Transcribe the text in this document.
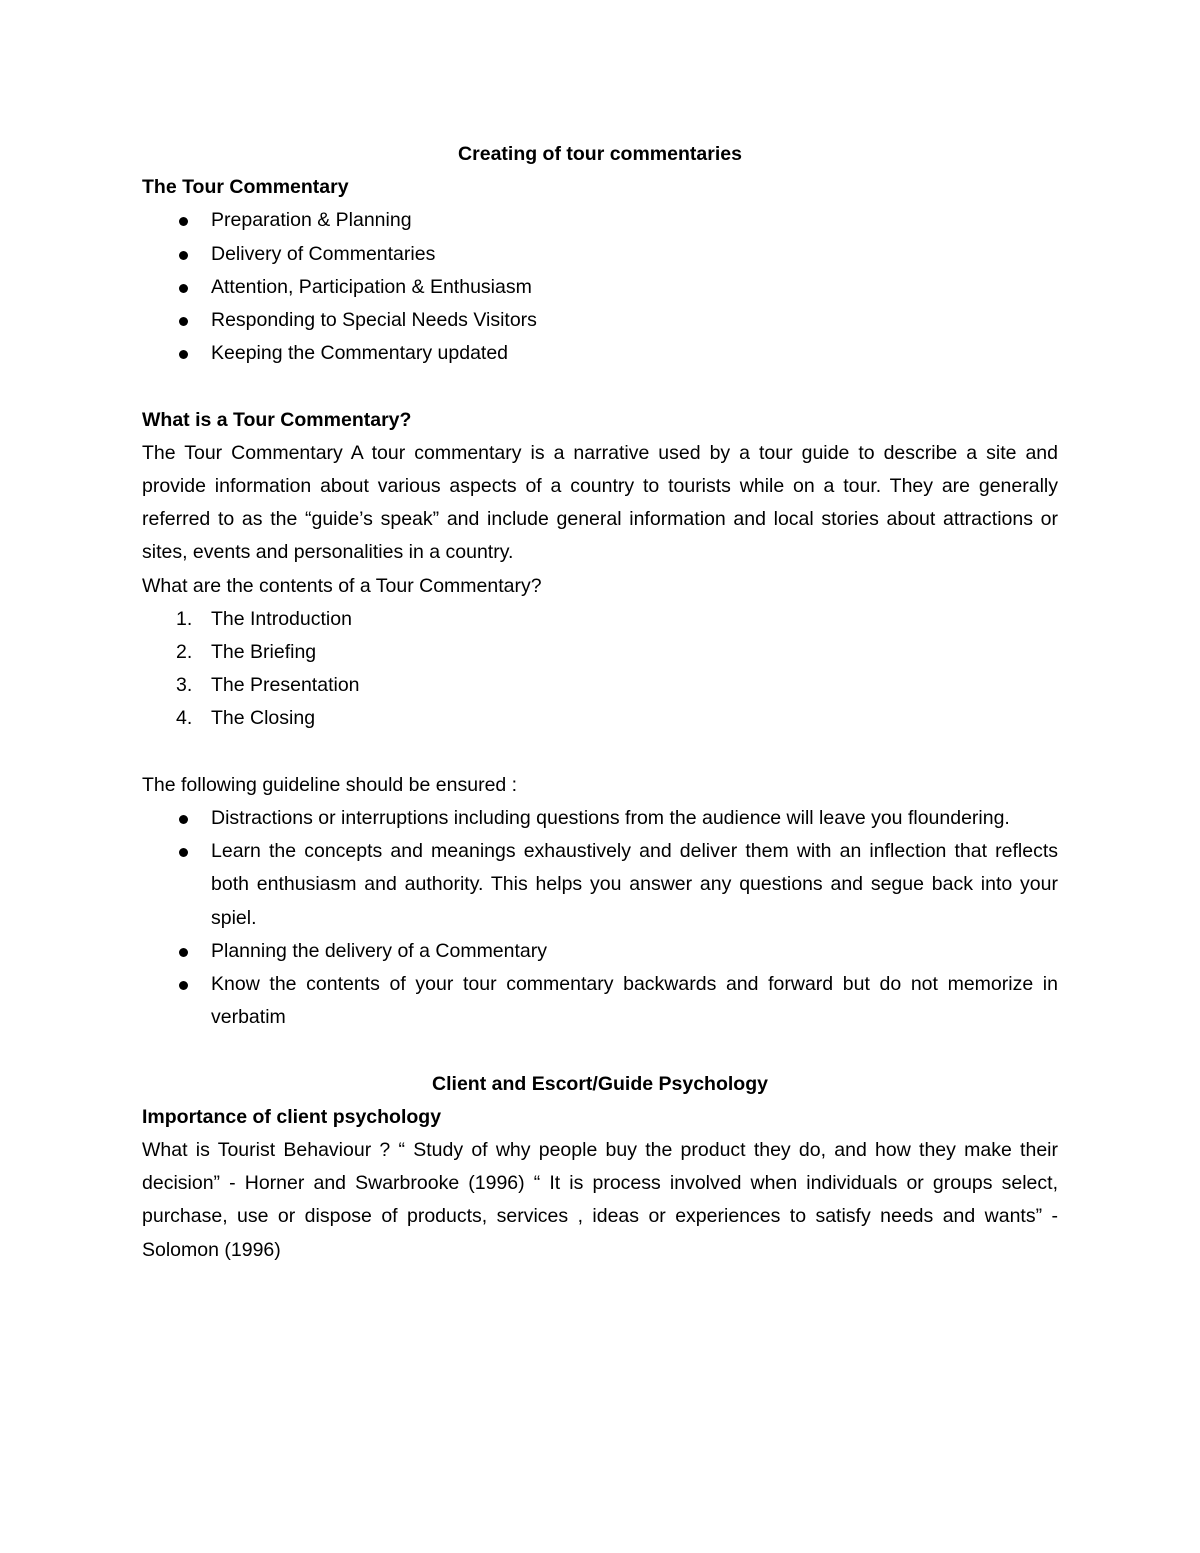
Creating of tour commentaries

The Tour Commentary

Preparation & Planning
Delivery of Commentaries
Attention, Participation & Enthusiasm
Responding to Special Needs Visitors
Keeping the Commentary updated

What is a Tour Commentary?

The Tour Commentary A tour commentary is a narrative used by a tour guide to describe a site and provide information about various aspects of a country to tourists while on a tour. They are generally referred to as the “guide’s speak” and include general information and local stories about attractions or sites, events and personalities in a country.

What are the contents of a Tour Commentary?

1. The Introduction
2. The Briefing
3. The Presentation
4. The Closing

The following guideline should be ensured :

Distractions or interruptions including questions from the audience will leave you floundering.
Learn the concepts and meanings exhaustively and deliver them with an inflection that reflects both enthusiasm and authority. This helps you answer any questions and segue back into your spiel.
Planning the delivery of a Commentary
Know the contents of your tour commentary backwards and forward but do not memorize in verbatim

Client and Escort/Guide Psychology

Importance of client psychology

What is Tourist Behaviour ? “ Study of why people buy the product they do, and how they make their decision” - Horner and Swarbrooke (1996) “ It is process involved when individuals or groups select, purchase, use or dispose of products, services , ideas or experiences to satisfy needs and wants” - Solomon (1996)
